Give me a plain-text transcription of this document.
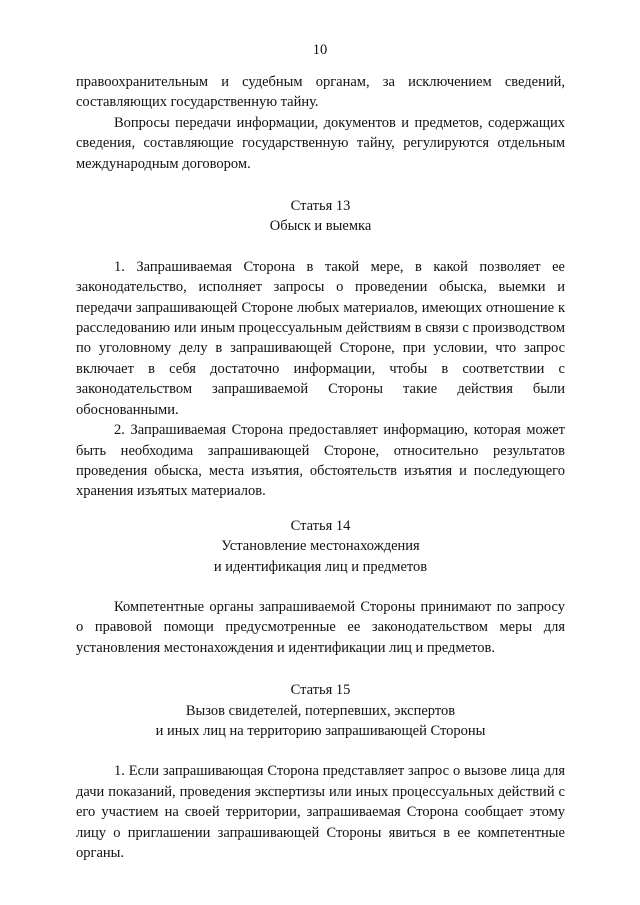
10

правоохранительным и судебным органам, за исключением сведений, составляющих государственную тайну.

Вопросы передачи информации, документов и предметов, содержащих сведения, составляющие государственную тайну, регулируются отдельным международным договором.

Статья 13
Обыск и выемка

1. Запрашиваемая Сторона в такой мере, в какой позволяет ее законодательство, исполняет запросы о проведении обыска, выемки и передачи запрашивающей Стороне любых материалов, имеющих отношение к расследованию или иным процессуальным действиям в связи с производством по уголовному делу в запрашивающей Стороне, при условии, что запрос включает в себя достаточно информации, чтобы в соответствии с законодательством запрашиваемой Стороны такие действия были обоснованными.

2. Запрашиваемая Сторона предоставляет информацию, которая может быть необходима запрашивающей Стороне, относительно результатов проведения обыска, места изъятия, обстоятельств изъятия и последующего хранения изъятых материалов.

Статья 14
Установление местонахождения
и идентификация лиц и предметов

Компетентные органы запрашиваемой Стороны принимают по запросу о правовой помощи предусмотренные ее законодательством меры для установления местонахождения и идентификации лиц и предметов.

Статья 15
Вызов свидетелей, потерпевших, экспертов
и иных лиц на территорию запрашивающей Стороны

1. Если запрашивающая Сторона представляет запрос о вызове лица для дачи показаний, проведения экспертизы или иных процессуальных действий с его участием на своей территории, запрашиваемая Сторона сообщает этому лицу о приглашении запрашивающей Стороны явиться в ее компетентные органы.
